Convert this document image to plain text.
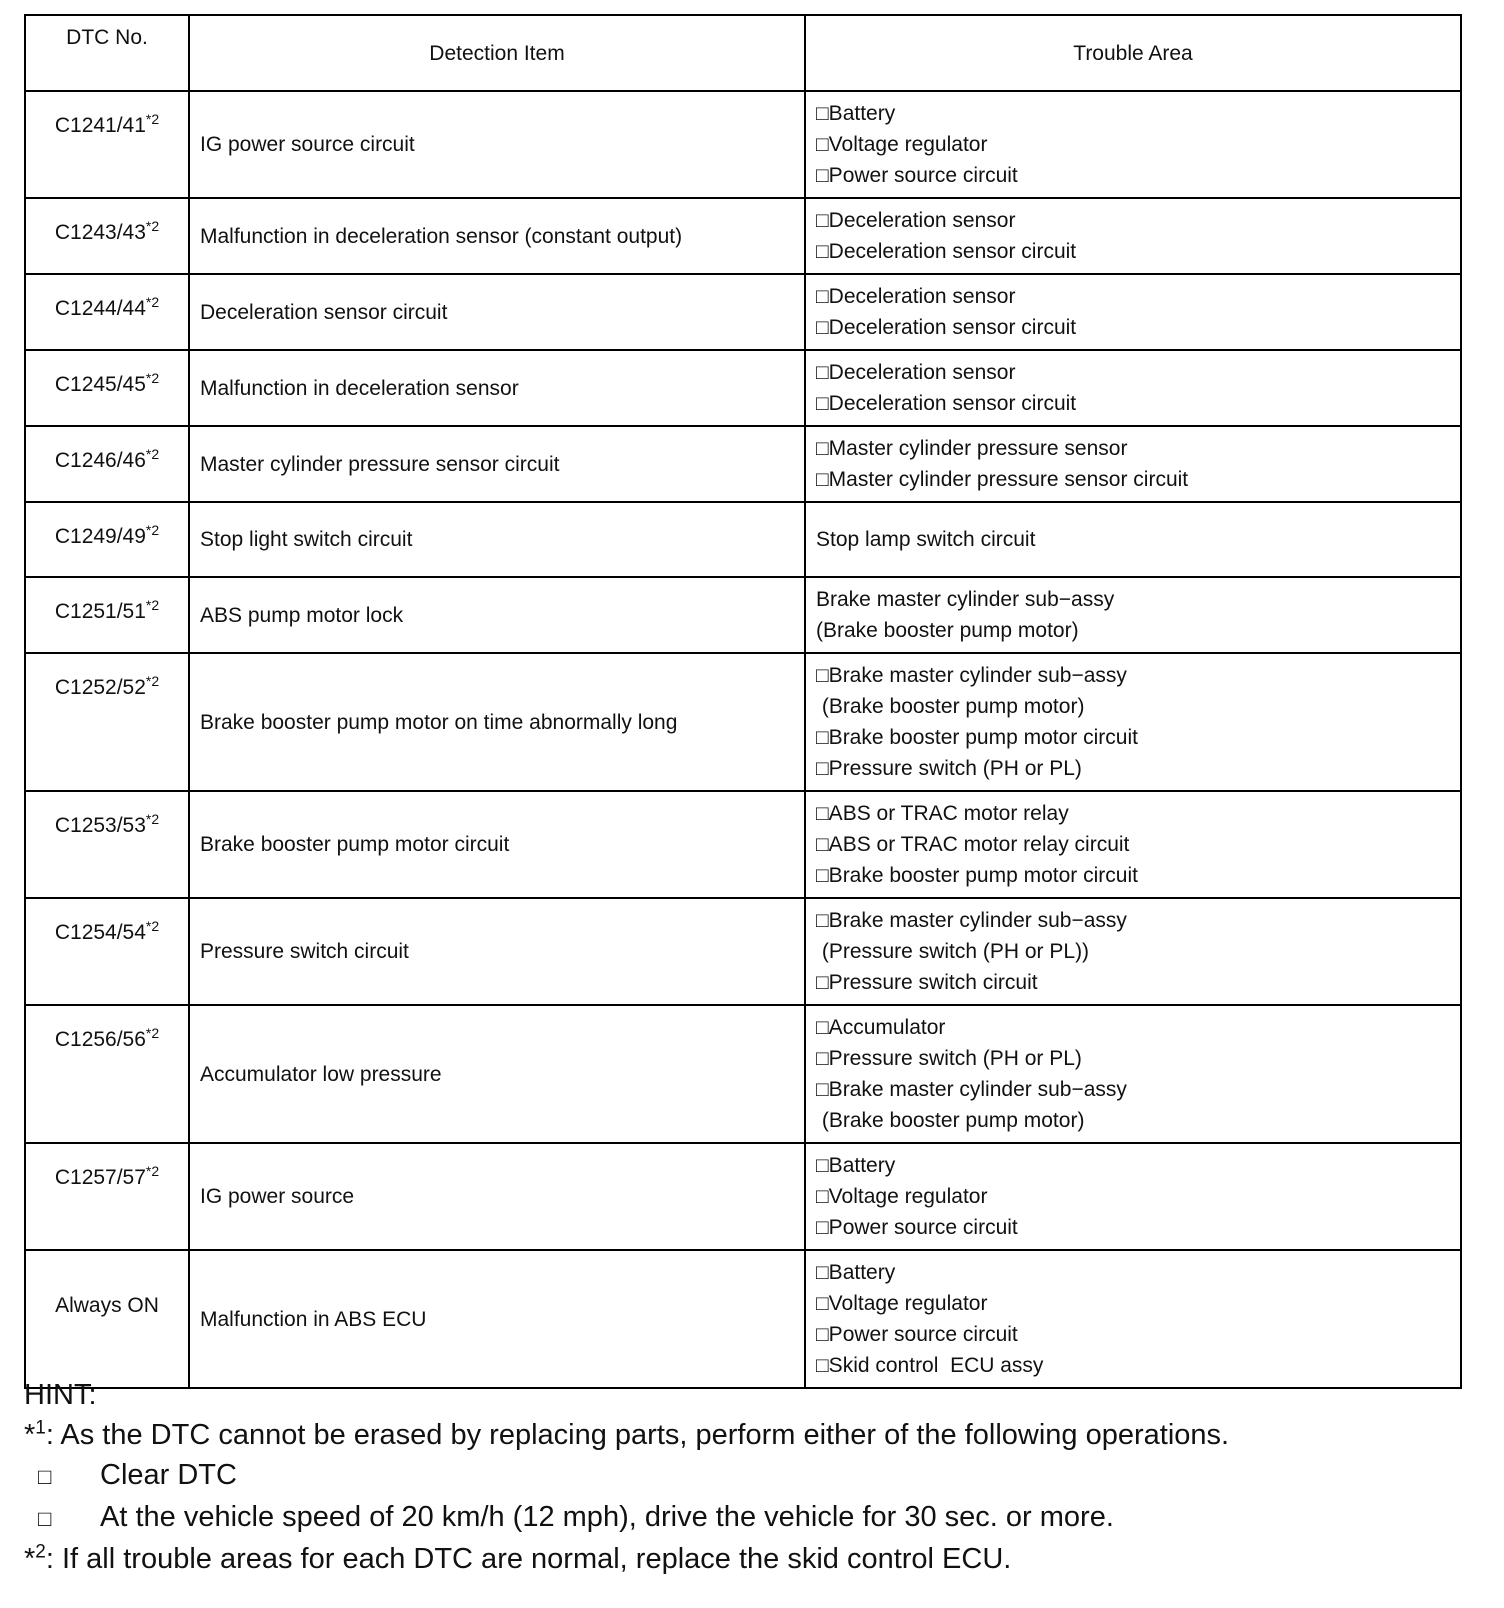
DTC No.	Detection Item	Trouble Area
C1241/41$^{*2}$	IG power source circuit	□Battery
□Voltage regulator
□Power source circuit

C1243/43$^{*2}$	Malfunction in deceleration sensor (constant output)	□Deceleration sensor
□Deceleration sensor circuit

C1244/44$^{*2}$	Deceleration sensor circuit	□Deceleration sensor
□Deceleration sensor circuit

C1245/45$^{*2}$	Malfunction in deceleration sensor	□Deceleration sensor
□Deceleration sensor circuit

C1246/46$^{*2}$	Master cylinder pressure sensor circuit	□Master cylinder pressure sensor
□Master cylinder pressure sensor circuit

C1249/49$^{*2}$	Stop light switch circuit	Stop lamp switch circuit

C1251/51$^{*2}$	ABS pump motor lock	Brake master cylinder sub−assy
(Brake booster pump motor)

C1252/52$^{*2}$	Brake booster pump motor on time abnormally long	□Brake master cylinder sub−assy
(Brake booster pump motor)
□Brake booster pump motor circuit
□Pressure switch (PH or PL)

C1253/53$^{*2}$	Brake booster pump motor circuit	□ABS or TRAC motor relay
□ABS or TRAC motor relay circuit
□Brake booster pump motor circuit

C1254/54$^{*2}$	Pressure switch circuit	□Brake master cylinder sub−assy
(Pressure switch (PH or PL))
□Pressure switch circuit

C1256/56$^{*2}$	Accumulator low pressure	□Accumulator
□Pressure switch (PH or PL)
□Brake master cylinder sub−assy
(Brake booster pump motor)

C1257/57$^{*2}$	IG power source	□Battery
□Voltage regulator
□Power source circuit

Always ON	Malfunction in ABS ECU	□Battery
□Voltage regulator
□Power source circuit
□Skid control  ECU assy
HINT:
*$^1$: As the DTC cannot be erased by replacing parts, perform either of the following operations.
□ Clear DTC
□ At the vehicle speed of 20 km/h (12 mph), drive the vehicle for 30 sec. or more.
*$^2$: If all trouble areas for each DTC are normal, replace the skid control ECU.
